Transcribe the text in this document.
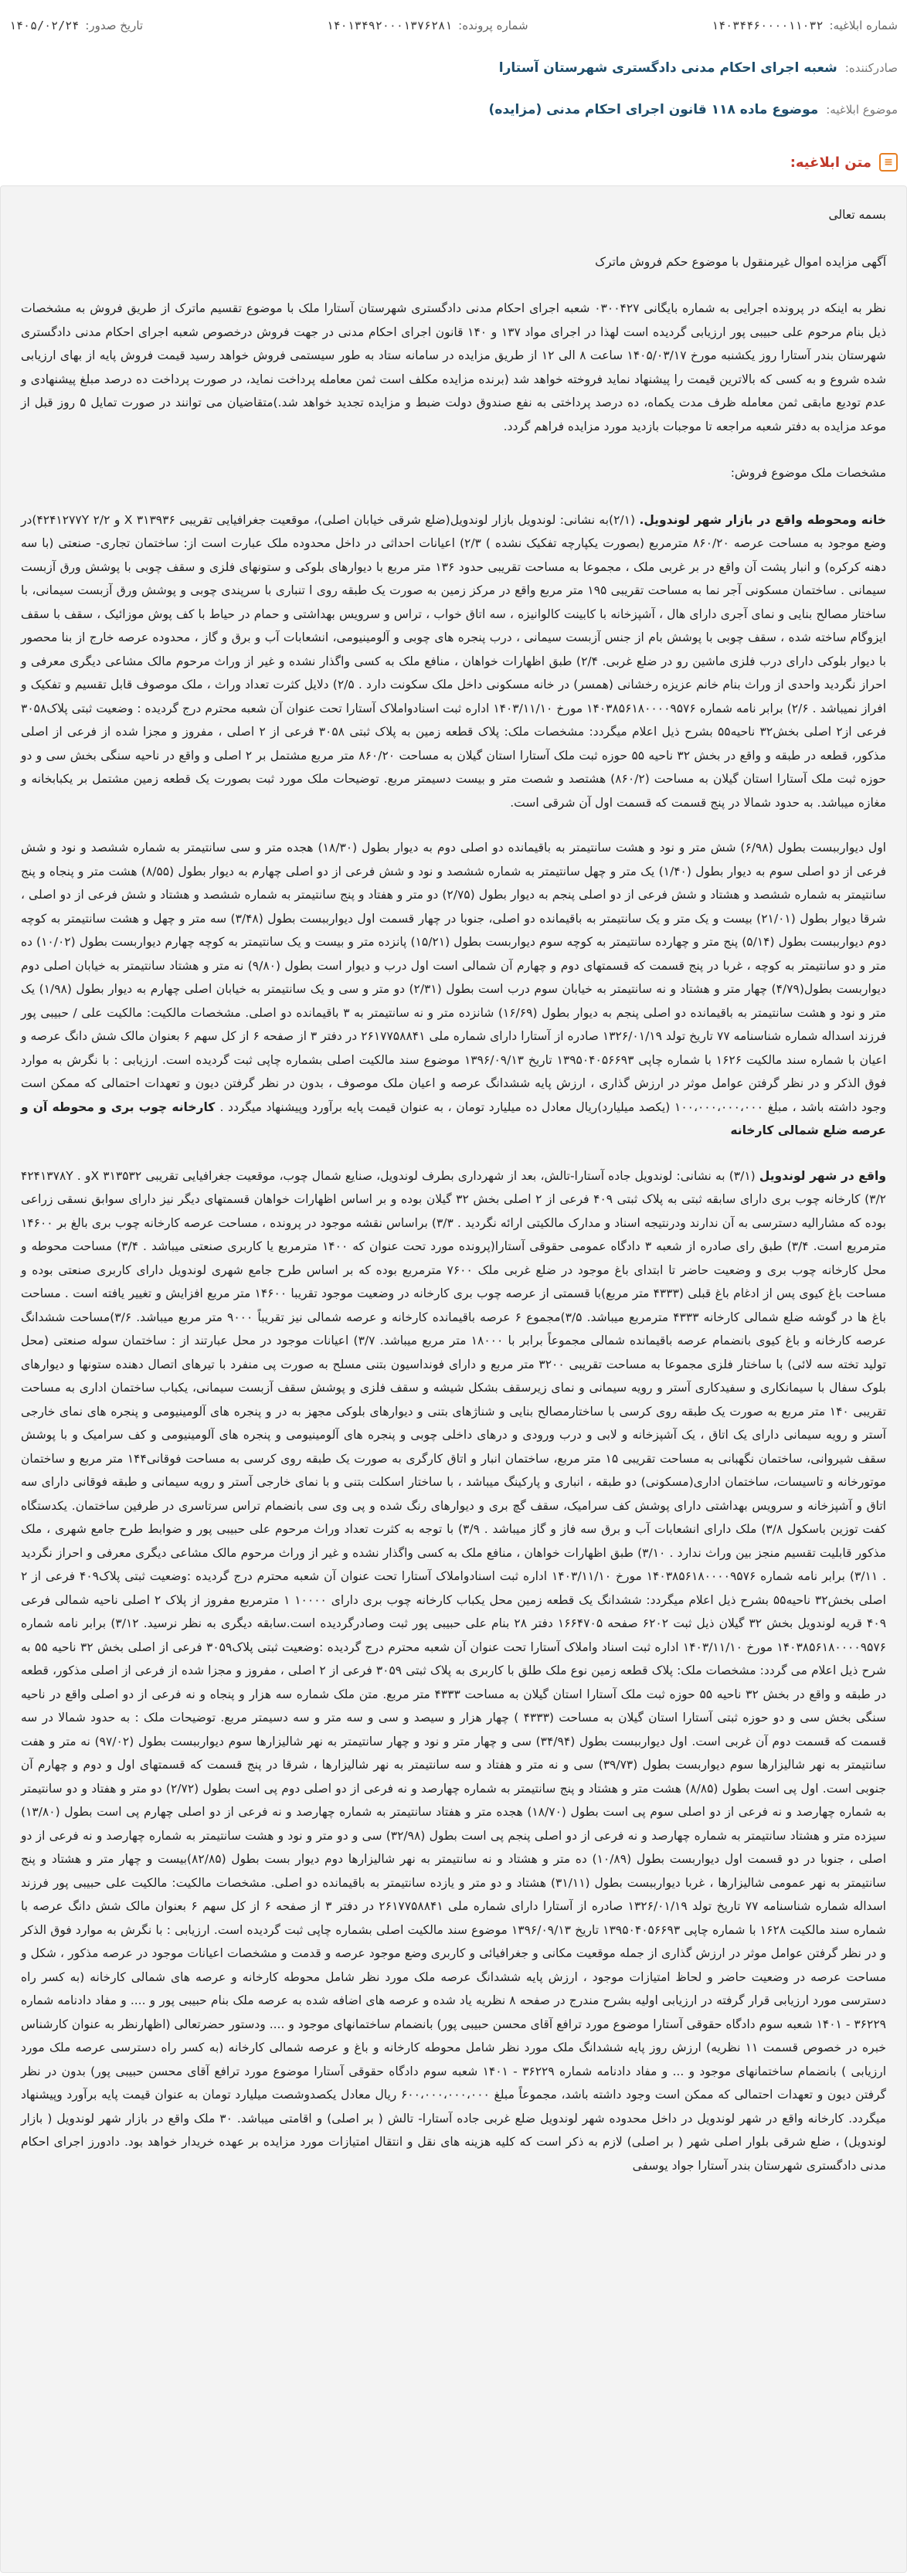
شماره ابلاغیه:
۱۴۰۳۴۴۶۰۰۰۰۱۱۰۳۲
شماره پرونده:
۱۴۰۱۳۴۹۲۰۰۰۱۳۷۶۲۸۱
تاریخ صدور:
۱۴۰۵/۰۲/۲۴
صادرکننده:
شعبه اجرای احکام مدنی دادگستری شهرستان آستارا
موضوع ابلاغیه:
موضوع ماده ۱۱۸ قانون اجرای احکام مدنی (مزایده)
≡
متن ابلاغیه:

بسمه تعالی

آگهی مزایده اموال غیرمنقول با موضوع حکم فروش ماترک

نظر به اینکه در پرونده اجرایی به شماره بایگانی ۰۳۰۰۴۲۷ شعبه اجرای احکام مدنی دادگستری شهرستان آستارا ملک با موضوع تقسیم ماترک از طریق فروش به مشخصات ذیل بنام مرحوم علی حبیبی پور ارزیابی گردیده است لهذا در اجرای مواد ۱۳۷ و ۱۴۰ قانون اجرای احکام مدنی در جهت فروش درخصوص شعبه اجرای احکام مدنی دادگستری شهرستان بندر آستارا روز یکشنبه مورخ ۱۴۰۵/۰۳/۱۷ ساعت ۸ الی ۱۲ از طریق مزایده در سامانه ستاد به طور سیستمی فروش خواهد رسید قیمت فروش پایه از بهای ارزیابی شده شروع و به کسی که بالاترین قیمت را پیشنهاد نماید فروخته خواهد شد (برنده مزایده مکلف است ثمن معامله پرداخت نماید، در صورت پرداخت ده درصد مبلغ پیشنهادی و عدم تودیع مابقی ثمن معامله ظرف مدت یکماه، ده درصد پرداختی به نفع صندوق دولت ضبط و مزایده تجدید خواهد شد.)متقاضیان می توانند در صورت تمایل ۵ روز قبل از موعد مزایده به دفتر شعبه مراجعه تا موجبات بازدید مورد مزایده فراهم گردد.

مشخصات ملک موضوع فروش:

خانه ومحوطه واقع در بازار شهر لوندویل. (۲/۱)به نشانی: لوندویل بازار لوندویل(ضلع شرقی خیابان اصلی)، موقعیت جغرافیایی تقریبی ۳۱۳۹۳۶ X و ۴۲۴۱۲۷۷Y ۲/۲)در وضع موجود به مساحت عرصه ۸۶۰/۲۰ مترمربع (بصورت یکپارچه تفکیک نشده ) ۲/۳) اعیانات احداثی در داخل محدوده ملک عبارت است از: ساختمان تجاری- صنعتی (با سه دهنه کرکره) و انبار پشت آن واقع در بر غربی ملک ، مجموعا به مساحت تقریبی حدود ۱۳۶ متر مربع با دیوارهای بلوکی و ستونهای فلزی و سقف چوبی با پوشش ورق آزبست سیمانی . ساختمان مسکونی آجر نما به مساحت تقریبی ۱۹۵ متر مربع واقع در مرکز زمین به صورت یک طبقه روی ا تنباری با سرپندی چوبی و پوشش ورق آزبست سیمانی، با ساختار مصالح بنایی و نمای آجری دارای هال ، آشپزخانه با کابینت کالوانیزه ، سه اتاق خواب ، تراس و سرویس بهداشتی و حمام در حیاط با کف پوش موزائیک ، سقف با سقف ایزوگام ساخته شده ، سقف چوبی با پوشش بام از جنس آزبست سیمانی ، درب پنجره های چوبی و آلومینیومی، انشعابات آب و برق و گاز ، محدوده عرصه خارج از بنا محصور با دیوار بلوکی دارای درب فلزی ماشین رو در ضلع غربی. ۲/۴) طبق اظهارات خواهان ، منافع ملک به کسی واگذار نشده و غیر از وراث مرحوم مالک مشاعی دیگری معرفی و احراز نگردید واحدی از وراث بنام خانم عزیزه رخشانی (همسر) در خانه مسکونی داخل ملک سکونت دارد . ۲/۵) دلایل کثرت تعداد وراث ، ملک موصوف قابل تقسیم و تفکیک و افراز نمیباشد . ۲/۶) برابر نامه شماره ۱۴۰۳۸۵۶۱۸۰۰۰۰۹۵۷۶ مورخ ۱۴۰۳/۱۱/۱۰ اداره ثبت اسنادواملاک آستارا تحت عنوان آن شعبه محترم درج گردیده : وضعیت ثبتی پلاک۳۰۵۸ فرعی از۲ اصلی بخش۳۲ ناحیه۵۵ بشرح ذیل اعلام میگردد: مشخصات ملک: پلاک قطعه زمین به پلاک ثبتی ۳۰۵۸ فرعی از ۲ اصلی ، مفروز و مجزا شده از فرعی از اصلی مذکور، قطعه در طبقه و واقع در بخش ۳۲ ناحیه ۵۵ حوزه ثبت ملک آستارا استان گیلان به مساحت ۸۶۰/۲۰ متر مربع مشتمل بر ۲ اصلی و واقع در ناحیه سنگی بخش سی و دو حوزه ثبت ملک آستارا استان گیلان به مساحت (۸۶۰/۲) هشتصد و شصت متر و بیست دسیمتر مربع. توضیحات ملک مورد ثبت بصورت یک قطعه زمین مشتمل بر یکبابخانه و مغازه میباشد. به حدود شمالا در پنج قسمت که قسمت اول آن شرقی است.

اول دیوارببست بطول (۶/۹۸) شش متر و نود و هشت سانتیمتر به باقیمانده دو اصلی دوم به دیوار بطول (۱۸/۳۰) هجده متر و سی سانتیمتر به شماره ششصد و نود و شش فرعی از دو اصلی سوم به دیوار بطول (۱/۴۰) یک متر و چهل سانتیمتر به شماره ششصد و نود و شش فرعی از دو اصلی چهارم به دیوار بطول (۸/۵۵) هشت متر و پنجاه و پنج سانتیمتر به شماره ششصد و هشتاد و شش فرعی از دو اصلی پنجم به دیوار بطول (۲/۷۵) دو متر و هفتاد و پنج سانتیمتر به شماره ششصد و هشتاد و شش فرعی از دو اصلی ، شرقا دیوار بطول (۲۱/۰۱) بیست و یک متر و یک سانتیمتر به باقیمانده دو اصلی، جنوبا در چهار قسمت اول دیوارببست بطول (۳/۴۸) سه متر و چهل و هشت سانتیمتر به کوچه دوم دیوارببست بطول (۵/۱۴) پنج متر و چهارده سانتیمتر به کوچه سوم دیواربست بطول (۱۵/۲۱) پانزده متر و بیست و یک سانتیمتر به کوچه چهارم دیواربست بطول (۱۰/۰۲) ده متر و دو سانتیمتر به کوچه ، غربا در پنج قسمت که قسمتهای دوم و چهارم آن شمالی است اول درب و دیوار است بطول (۹/۸۰) نه متر و هشتاد سانتیمتر به خیابان اصلی دوم دیواربست بطول(۴/۷۹) چهار متر و هشتاد و نه سانتیمتر به خیابان سوم درب است بطول (۲/۳۱) دو متر و سی و یک سانتیمتر به خیابان اصلی چهارم به دیوار بطول (۱/۹۸) یک متر و نود و هشت سانتیمتر به باقیمانده دو اصلی پنجم به دیوار بطول (۱۶/۶۹) شانزده متر و نه سانتیمتر به ۳ باقیمانده دو اصلی. مشخصات مالکیت: مالکیت علی / حبیبی پور فرزند اسداله شماره شناسنامه ۷۷ تاریخ تولد ۱۳۲۶/۰۱/۱۹ صادره از آستارا دارای شماره ملی ۲۶۱۷۷۵۸۸۴۱ در دفتر ۳ از صفحه ۶ از کل سهم ۶ بعنوان مالک شش دانگ عرصه و اعیان با شماره سند مالکیت ۱۶۲۶ با شماره چاپی ۱۳۹۵۰۴۰۵۶۶۹۳ تاریخ ۱۳۹۶/۰۹/۱۳ موضوع سند مالکیت اصلی بشماره چاپی ثبت گردیده است. ارزیابی : با نگرش به موارد فوق الذکر و در نظر گرفتن عوامل موثر در ارزش گذاری ، ارزش پایه ششدانگ عرصه و اعیان ملک موصوف ، بدون در نظر گرفتن دیون و تعهدات احتمالی که ممکن است وجود داشته باشد ، مبلغ ۱۰۰،۰۰۰،۰۰۰،۰۰۰ (یکصد میلیارد)ریال معادل ده میلیارد تومان ، به عنوان قیمت پایه برآورد وپیشنهاد میگردد . کارخانه چوب بری و محوطه آن و عرصه ضلع شمالی کارخانه

واقع در شهر لوندویل (۳/۱) به نشانی: لوندویل جاده آستارا-تالش، بعد از شهرداری بطرف لوندویل، صنایع شمال چوب، موقعیت جغرافیایی تقریبی ۳۱۳۵۳۲ Xو ۴۲۴۱۳۷۸Y . ۳/۲) کارخانه چوب بری دارای سابقه ثبتی به پلاک ثبتی ۴۰۹ فرعی از ۲ اصلی بخش ۳۲ گیلان بوده و بر اساس اظهارات خواهان قسمتهای دیگر نیز دارای سوابق نسقی زراعی بوده که مشارالیه دسترسی به آن ندارند ودرنتیجه اسناد و مدارک مالکیتی ارائه نگردید . ۳/۳) براساس نقشه موجود در پرونده ، مساحت عرصه کارخانه چوب بری بالغ بر ۱۴۶۰۰ مترمربع است. ۳/۴) طبق رای صادره از شعبه ۳ دادگاه عمومی حقوقی آستارا(پرونده مورد تحت عنوان که ۱۴۰۰ مترمربع یا کاربری صنعتی میباشد . ۳/۴) مساحت محوطه و محل کارخانه چوب بری و وضعیت حاضر تا ابتدای باغ موجود در ضلع غربی ملک ۷۶۰۰ مترمربع بوده که بر اساس طرح جامع شهری لوندویل دارای کاربری صنعتی بوده و مساحت باغ کیوی پس از ادغام باغ قبلی (۴۳۳۳ متر مربع)با قسمتی از عرصه چوب بری کارخانه در وضعیت موجود تقریبا ۱۴۶۰۰ متر مربع افزایش و تغییر یافته است . مساحت باغ ها در گوشه ضلع شمالی کارخانه ۴۳۳۳ مترمربع میباشد. ۳/۵)مجموع ۶ عرصه باقیمانده کارخانه و عرصه شمالی نیز تقریباً ۹۰۰۰ متر مربع میباشد. ۳/۶)مساحت ششدانگ عرصه کارخانه و باغ کیوی بانضمام عرصه باقیمانده شمالی مجموعاً برابر با ۱۸۰۰۰ متر مربع میباشد. ۳/۷) اعیانات موجود در محل عبارتند از : ساختمان سوله صنعتی (محل تولید تخته سه لائی) با ساختار فلزی مجموعا به مساحت تقریبی ۳۲۰۰ متر مربع و دارای فونداسیون بتنی مسلح به صورت پی منفرد با تیرهای اتصال دهنده ستونها و دیوارهای بلوک سفال با سیمانکاری و سفیدکاری آستر و رویه سیمانی و نمای زیرسقف بشکل شیشه و سقف فلزی و پوشش سقف آزبست سیمانی، یکباب ساختمان اداری به مساحت تقریبی ۱۴۰ متر مربع به صورت یک طبقه روی کرسی با ساختارمصالح بنایی و شناژهای بتنی و دیوارهای بلوکی مجهز به در و پنجره های آلومینیومی و پنجره های نمای خارجی آستر و رویه سیمانی دارای یک اتاق ، یک آشپزخانه و لابی و درب ورودی و درهای داخلی چوبی و پنجره های آلومینیومی و پنجره های آلومینیومی و کف سرامیک و با پوشش سقف شیروانی، ساختمان نگهبانی به مساحت تقریبی ۱۵ متر مربع، ساختمان انبار و اتاق کارگری به صورت یک طبقه روی کرسی به مساحت فوقانی۱۴۴ متر مربع و ساختمان موتورخانه و تاسیسات، ساختمان اداری(مسکونی) دو طبقه ، انباری و پارکینگ میباشد ، با ساختار اسکلت بتنی و با نمای خارجی آستر و رویه سیمانی و طبقه فوقانی دارای سه اتاق و آشپزخانه و سرویس بهداشتی دارای پوشش کف سرامیک، سقف گچ بری و دیوارهای رنگ شده و پی وی سی بانضمام تراس سرتاسری در طرفین ساختمان. یکدستگاه کفت توزین باسکول ۳/۸) ملک دارای انشعابات آب و برق سه فاز و گاز میباشد . ۳/۹) با توجه به کثرت تعداد وراث مرحوم علی حبیبی پور و ضوابط طرح جامع شهری ، ملک مذکور قابلیت تقسیم منجز بین وراث ندارد . ۳/۱۰) طبق اظهارات خواهان ، منافع ملک به کسی واگذار نشده و غیر از وراث مرحوم مالک مشاعی دیگری معرفی و احراز نگردید . ۳/۱۱) برابر نامه شماره ۱۴۰۳۸۵۶۱۸۰۰۰۰۹۵۷۶ مورخ ۱۴۰۳/۱۱/۱۰ اداره ثبت اسنادواملاک آستارا تحت عنوان آن شعبه محترم درج گردیده :وضعیت ثبتی پلاک۴۰۹ فرعی از ۲ اصلی بخش۳۲ ناحیه۵۵ بشرح ذیل اعلام میگردد: ششدانگ یک قطعه زمین محل یکباب کارخانه چوب بری دارای ۱۰۰۰۰ ۱ مترمربع مفروز از پلاک ۲ اصلی ناحیه شمالی فرعی ۴۰۹ قریه لوندویل بخش ۳۲ گیلان ذیل ثبت ۶۲۰۲ صفحه ۱۶۶۴۷۰۵ دفتر ۲۸ بنام علی حبیبی پور ثبت وصادرگردیده است.سابقه دیگری به نظر نرسید. ۳/۱۲) برابر نامه شماره ۱۴۰۳۸۵۶۱۸۰۰۰۰۹۵۷۶ مورخ ۱۴۰۳/۱۱/۱۰ اداره ثبت اسناد واملاک آستارا تحت عنوان آن شعبه محترم درج گردیده :وضعیت ثبتی پلاک۳۰۵۹ فرعی از اصلی بخش ۳۲ ناحیه ۵۵ به شرح ذیل اعلام می گردد: مشخصات ملک: پلاک قطعه زمین نوع ملک طلق با کاربری به پلاک ثبتی ۳۰۵۹ فرعی از ۲ اصلی ، مفروز و مجزا شده از فرعی از اصلی مذکور، قطعه در طبقه و واقع در بخش ۳۲ ناحیه ۵۵ حوزه ثبت ملک آستارا استان گیلان به مساحت ۴۳۳۳ متر مربع. متن ملک شماره سه هزار و پنجاه و نه فرعی از دو اصلی واقع در ناحیه سنگی بخش سی و دو حوزه ثبتی آستارا استان گیلان به مساحت (۴۳۳۳ ) چهار هزار و سیصد و سی و سه متر و سه دسیمتر مربع. توضیحات ملک : به حدود شمالا در سه قسمت که قسمت دوم آن غربی است. اول دیوارببست بطول (۳۴/۹۴) سی و چهار متر و نود و چهار سانتیمتر به نهر شالیزارها سوم دیوارببست بطول (۹۷/۰۲) نه متر و هفت سانتیمتر به نهر شالیزارها سوم دیواربست بطول (۳۹/۷۳) سی و نه متر و هفتاد و سه سانتیمتر به نهر شالیزارها ، شرقا در پنج قسمت که قسمتهای اول و دوم و چهارم آن جنوبی است. اول پی است بطول (۸/۸۵) هشت متر و هشتاد و پنج سانتیمتر به شماره چهارصد و نه فرعی از دو اصلی دوم پی است بطول (۲/۷۲) دو متر و هفتاد و دو سانتیمتر به شماره چهارصد و نه فرعی از دو اصلی سوم پی است بطول (۱۸/۷۰) هجده متر و هفتاد سانتیمتر به شماره چهارصد و نه فرعی از دو اصلی چهارم پی است بطول (۱۳/۸۰) سیزده متر و هشتاد سانتیمتر به شماره چهارصد و نه فرعی از دو اصلی پنجم پی است بطول (۳۲/۹۸) سی و دو متر و نود و هشت سانتیمتر به شماره چهارصد و نه فرعی از دو اصلی ، جنوبا در دو قسمت اول دیواربست بطول (۱۰/۸۹) ده متر و هشتاد و نه سانتیمتر به نهر شالیزارها دوم دیوار بست بطول (۸۲/۸۵)بیست و چهار متر و هشتاد و پنج سانتیمتر به نهر عمومی شالیزارها ، غربا دیوارببست بطول (۳۱/۱۱) هشتاد و دو متر و یازده سانتیمتر به باقیمانده دو اصلی. مشخصات مالکیت: مالکیت علی حبیبی پور فرزند اسداله شماره شناسنامه ۷۷ تاریخ تولد ۱۳۲۶/۰۱/۱۹ صادره از آستارا دارای شماره ملی ۲۶۱۷۷۵۸۸۴۱ در دفتر ۳ از صفحه ۶ از کل سهم ۶ بعنوان مالک شش دانگ عرصه با شماره سند مالکیت ۱۶۲۸ با شماره چاپی ۱۳۹۵۰۴۰۵۶۶۹۳ تاریخ ۱۳۹۶/۰۹/۱۳ موضوع سند مالکیت اصلی بشماره چاپی ثبت گردیده است. ارزیابی : با نگرش به موارد فوق الذکر و در نظر گرفتن عوامل موثر در ارزش گذاری از جمله موقعیت مکانی و جغرافیائی و کاربری وضع موجود عرصه و قدمت و مشخصات اعیانات موجود در عرصه مذکور ، شکل و مساحت عرصه در وضعیت حاضر و لحاظ امتیازات موجود ، ارزش پایه ششدانگ عرصه ملک مورد نظر شامل محوطه کارخانه و عرصه های شمالی کارخانه (به کسر راه دسترسی مورد ارزیابی قرار گرفته در ارزیابی اولیه بشرح مندرج در صفحه ۸ نظریه یاد شده و عرصه های اضافه شده به عرصه ملک بنام حبیبی پور و .... و مفاد دادنامه شماره ۳۶۲۲۹ - ۱۴۰۱ شعبه سوم دادگاه حقوقی آستارا موضوع مورد ترافع آقای محسن حبیبی پور) بانضمام ساختمانهای موجود و .... ودستور حضرتعالی (اظهارنظر به عنوان کارشناس خبره در خصوص قسمت ۱۱ نظریه) ارزش روز پایه ششدانگ ملک مورد نظر شامل محوطه کارخانه و باغ و عرصه شمالی کارخانه (به کسر راه دسترسی عرصه ملک مورد ارزیابی ) بانضمام ساختمانهای موجود و ... و مفاد دادنامه شماره ۳۶۲۲۹ - ۱۴۰۱ شعبه سوم دادگاه حقوقی آستارا موضوع مورد ترافع آقای محسن حبیبی پور) بدون در نظر گرفتن دیون و تعهدات احتمالی که ممکن است وجود داشته باشد، مجموعاً مبلغ ۶۰۰،۰۰۰،۰۰۰،۰۰۰ ریال معادل یکصدوشصت میلیارد تومان به عنوان قیمت پایه برآورد وپیشنهاد میگردد. کارخانه واقع در شهر لوندویل در داخل محدوده شهر لوندویل ضلع غربی جاده آستارا- تالش ( بر اصلی) و اقامتی میباشد. ۳۰ ملک واقع در بازار شهر لوندویل ( بازار لوندویل) ، ضلع شرقی بلوار اصلی شهر ( بر اصلی) لازم به ذکر است که کلیه هزینه های نقل و انتقال امتیازات مورد مزایده بر عهده خریدار خواهد بود. دادورز اجرای احکام مدنی دادگستری شهرستان بندر آستارا جواد یوسفی
